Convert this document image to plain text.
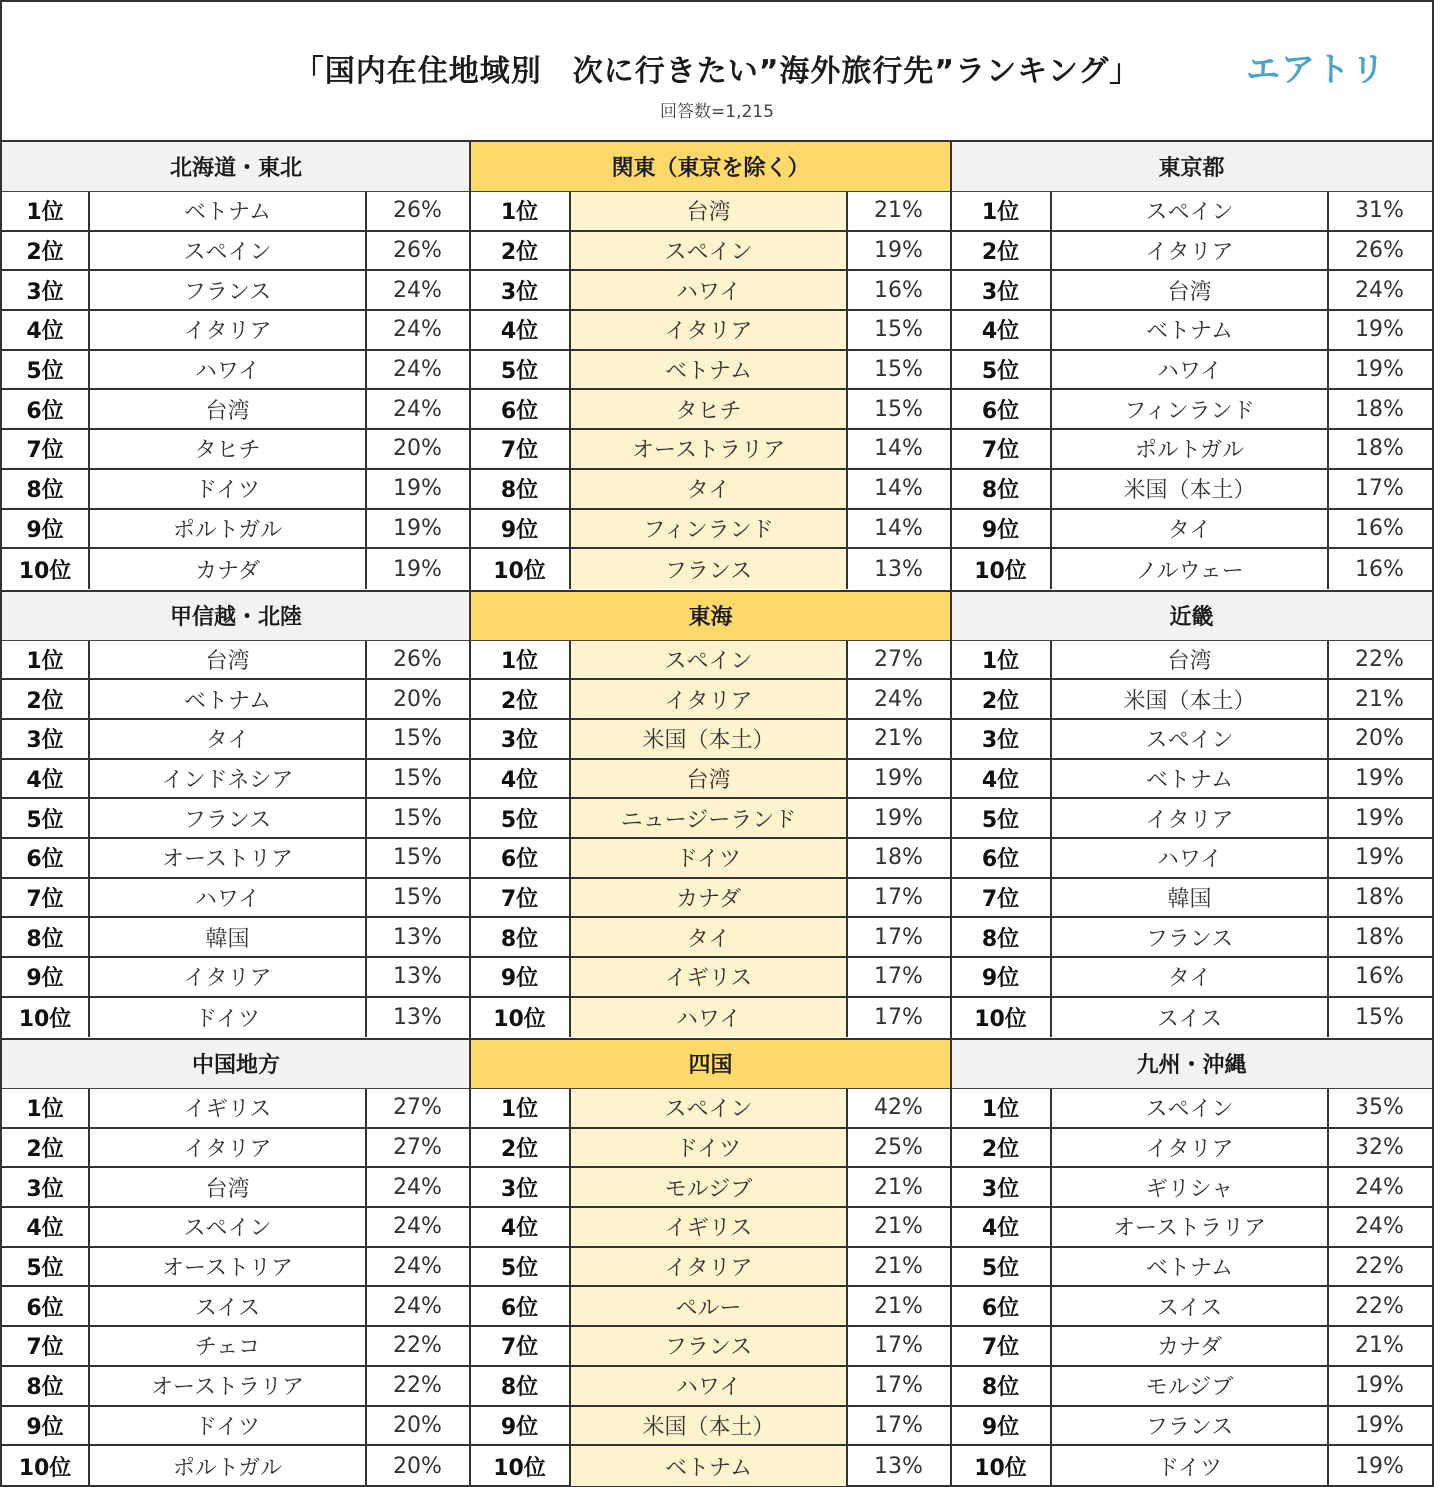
「国内在住地域別　次に行きたい”海外旅行先”ランキング」
回答数=1,215
エアトリ
北海道・東北
1位	ベトナム	26%
2位	スペイン	26%
3位	フランス	24%
4位	イタリア	24%
5位	ハワイ	24%
6位	台湾	24%
7位	タヒチ	20%
8位	ドイツ	19%
9位	ポルトガル	19%
10位	カナダ	19%
関東（東京を除く）
1位	台湾	21%
2位	スペイン	19%
3位	ハワイ	16%
4位	イタリア	15%
5位	ベトナム	15%
6位	タヒチ	15%
7位	オーストラリア	14%
8位	タイ	14%
9位	フィンランド	14%
10位	フランス	13%
東京都
1位	スペイン	31%
2位	イタリア	26%
3位	台湾	24%
4位	ベトナム	19%
5位	ハワイ	19%
6位	フィンランド	18%
7位	ポルトガル	18%
8位	米国（本土）	17%
9位	タイ	16%
10位	ノルウェー	16%
甲信越・北陸
1位	台湾	26%
2位	ベトナム	20%
3位	タイ	15%
4位	インドネシア	15%
5位	フランス	15%
6位	オーストリア	15%
7位	ハワイ	15%
8位	韓国	13%
9位	イタリア	13%
10位	ドイツ	13%
東海
1位	スペイン	27%
2位	イタリア	24%
3位	米国（本土）	21%
4位	台湾	19%
5位	ニュージーランド	19%
6位	ドイツ	18%
7位	カナダ	17%
8位	タイ	17%
9位	イギリス	17%
10位	ハワイ	17%
近畿
1位	台湾	22%
2位	米国（本土）	21%
3位	スペイン	20%
4位	ベトナム	19%
5位	イタリア	19%
6位	ハワイ	19%
7位	韓国	18%
8位	フランス	18%
9位	タイ	16%
10位	スイス	15%
中国地方
1位	イギリス	27%
2位	イタリア	27%
3位	台湾	24%
4位	スペイン	24%
5位	オーストリア	24%
6位	スイス	24%
7位	チェコ	22%
8位	オーストラリア	22%
9位	ドイツ	20%
10位	ポルトガル	20%
四国
1位	スペイン	42%
2位	ドイツ	25%
3位	モルジブ	21%
4位	イギリス	21%
5位	イタリア	21%
6位	ペルー	21%
7位	フランス	17%
8位	ハワイ	17%
9位	米国（本土）	17%
10位	ベトナム	13%
九州・沖縄
1位	スペイン	35%
2位	イタリア	32%
3位	ギリシャ	24%
4位	オーストラリア	24%
5位	ベトナム	22%
6位	スイス	22%
7位	カナダ	21%
8位	モルジブ	19%
9位	フランス	19%
10位	ドイツ	19%
